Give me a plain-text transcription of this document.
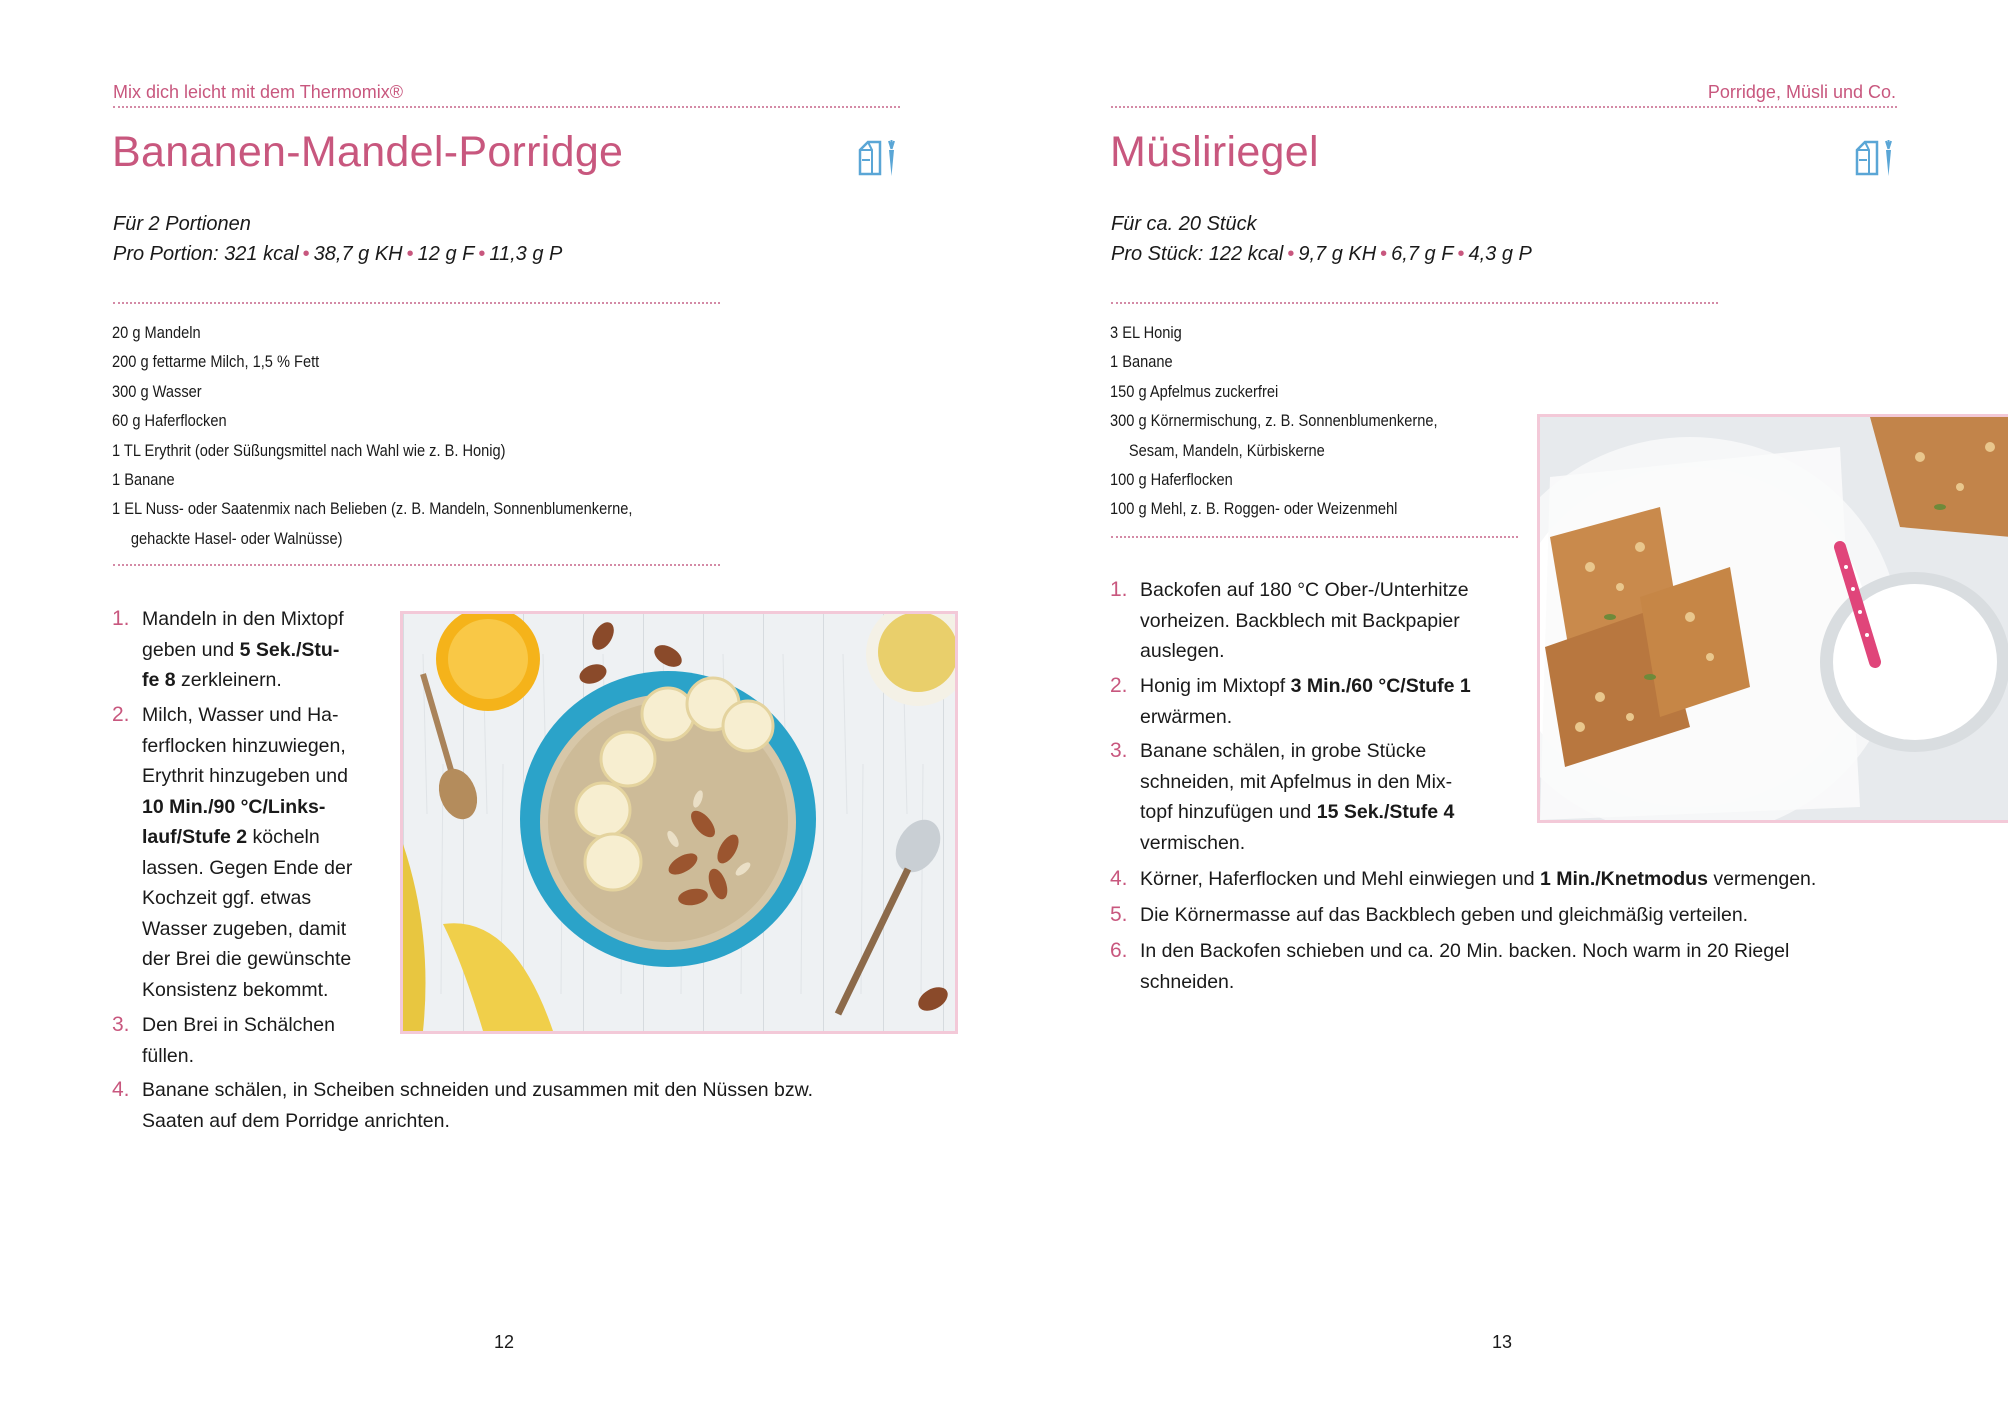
Mix dich leicht mit dem Thermomix®
Bananen-Mandel-Porridge
Für 2 Portionen
Pro Portion: 321 kcal • 38,7 g KH • 12 g F • 11,3 g P
20 g Mandeln
200 g fettarme Milch, 1,5 % Fett
300 g Wasser
60 g Haferflocken
1 TL Erythrit (oder Süßungsmittel nach Wahl wie z. B. Honig)
1 Banane
1 EL Nuss- oder Saatenmix nach Belieben (z. B. Mandeln, Sonnenblumenkerne,
gehackte Hasel- oder Walnüsse)
1. Mandeln in den Mixtopf
geben und 5 Sek./Stu-
fe 8 zerkleinern.
2. Milch, Wasser und Ha-
ferflocken hinzuwiegen,
Erythrit hinzugeben und
10 Min./90 °C/Links-
lauf/Stufe 2 köcheln
lassen. Gegen Ende der
Kochzeit ggf. etwas
Wasser zugeben, damit
der Brei die gewünschte
Konsistenz bekommt.
3. Den Brei in Schälchen
füllen.
4. Banane schälen, in Scheiben schneiden und zusammen mit den Nüssen bzw.
Saaten auf dem Porridge anrichten.
12
Porridge, Müsli und Co.
Müsliriegel
Für ca. 20 Stück
Pro Stück: 122 kcal • 9,7 g KH • 6,7 g F • 4,3 g P
3 EL Honig
1 Banane
150 g Apfelmus zuckerfrei
300 g Körnermischung, z. B. Sonnenblumenkerne,
Sesam, Mandeln, Kürbiskerne
100 g Haferflocken
100 g Mehl, z. B. Roggen- oder Weizenmehl
1. Backofen auf 180 °C Ober-/Unterhitze
vorheizen. Backblech mit Backpapier
auslegen.
2. Honig im Mixtopf 3 Min./60 °C/Stufe 1
erwärmen.
3. Banane schälen, in grobe Stücke
schneiden, mit Apfelmus in den Mix-
topf hinzufügen und 15 Sek./Stufe 4
vermischen.
4. Körner, Haferflocken und Mehl einwiegen und 1 Min./Knetmodus vermengen.
5. Die Körnermasse auf das Backblech geben und gleichmäßig verteilen.
6. In den Backofen schieben und ca. 20 Min. backen. Noch warm in 20 Riegel
schneiden.
13
